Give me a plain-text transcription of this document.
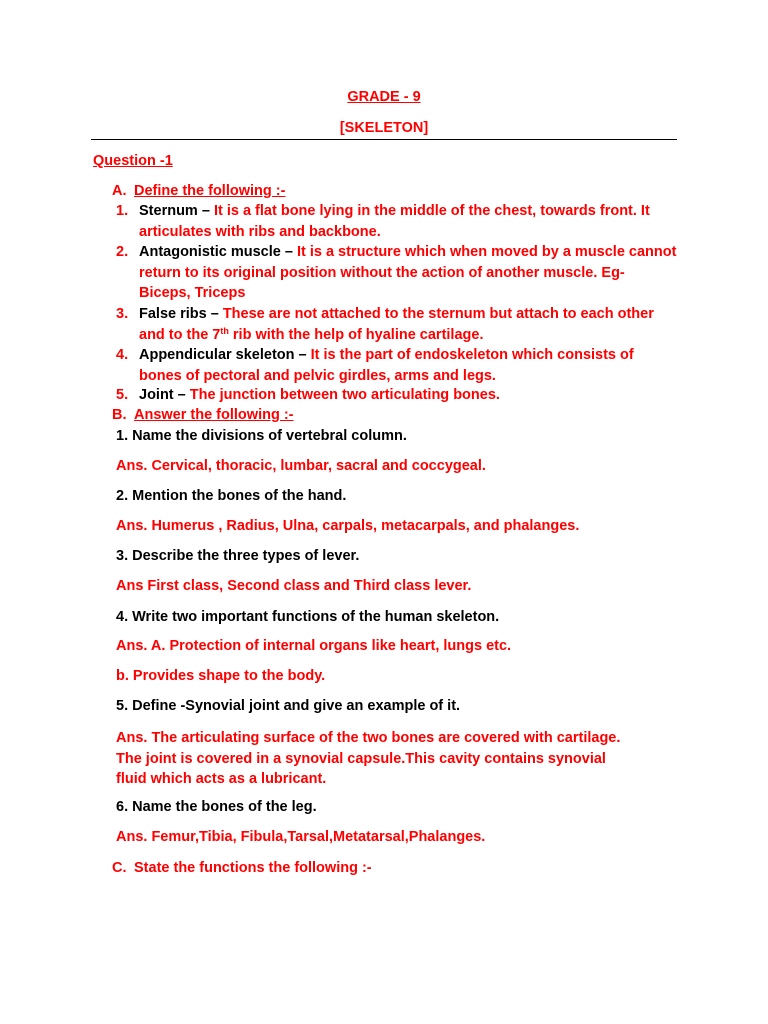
GRADE - 9
[SKELETON]
Question -1
A. Define the following :-
1. Sternum – It is a flat bone lying in the middle of the chest, towards front. It articulates with ribs and backbone.
2. Antagonistic muscle – It is a structure which when moved by a muscle cannot return to its original position without the action of another muscle. Eg- Biceps, Triceps
3. False ribs – These are not attached to the sternum but attach to each other and to the 7th rib with the help of hyaline cartilage.
4. Appendicular skeleton – It is the part of endoskeleton which consists of bones of pectoral and pelvic girdles, arms and legs.
5. Joint – The junction between two articulating bones.
B. Answer the following :-
1. Name the divisions of vertebral column.
Ans. Cervical, thoracic, lumbar, sacral and coccygeal.
2. Mention the bones of the hand.
Ans. Humerus , Radius, Ulna, carpals, metacarpals, and phalanges.
3. Describe the three types of lever.
Ans First class, Second class and Third class lever.
4. Write two important functions of the human skeleton.
Ans. A. Protection of internal organs like heart, lungs etc.
b. Provides shape to the body.
5. Define -Synovial joint and give an example of it.
Ans. The articulating surface of the two bones are covered with cartilage. The joint is covered in a synovial capsule.This cavity contains synovial fluid which acts as a lubricant.
6. Name the bones of the leg.
Ans. Femur,Tibia, Fibula,Tarsal,Metatarsal,Phalanges.
C. State the functions the following :-
